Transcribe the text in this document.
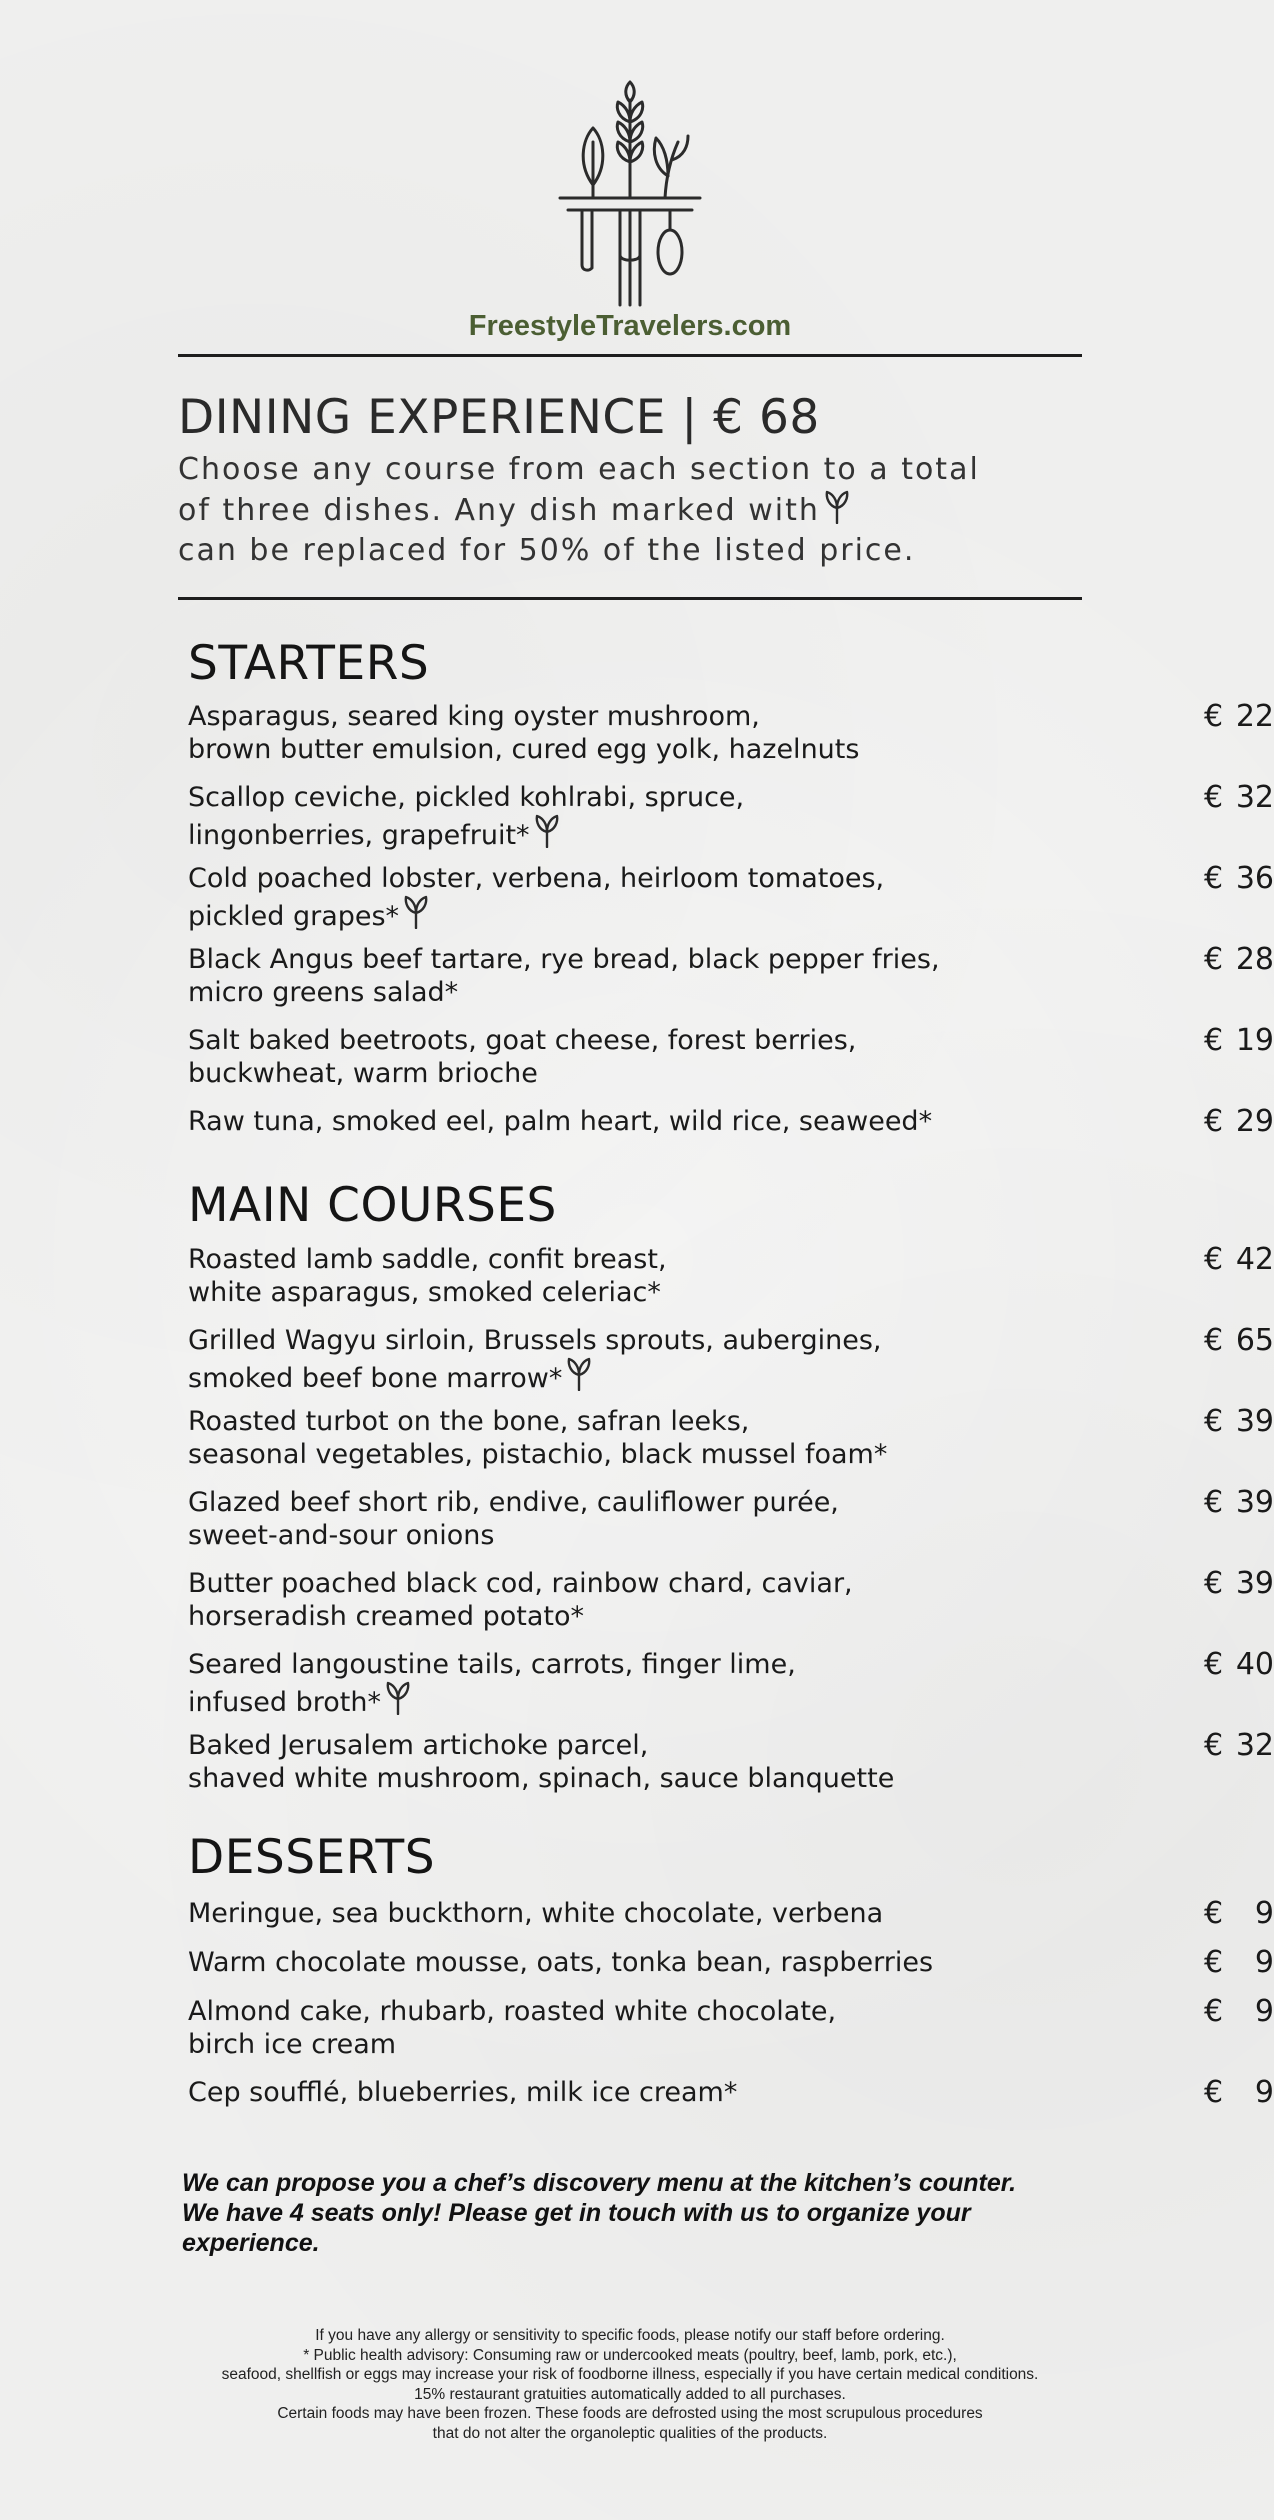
FreestyleTravelers.com
DINING EXPERIENCE | € 68
Choose any course from each section to a total
of three dishes. Any dish marked with
can be replaced for 50% of the listed price.
STARTERS
Asparagus, seared king oyster mushroom,
brown butter emulsion, cured egg yolk, hazelnuts
€ 22
Scallop ceviche, pickled kohlrabi, spruce,
lingonberries, grapefruit*
€ 32
Cold poached lobster, verbena, heirloom tomatoes,
pickled grapes*
€ 36
Black Angus beef tartare, rye bread, black pepper fries,
micro greens salad*
€ 28
Salt baked beetroots, goat cheese, forest berries,
buckwheat, warm brioche
€ 19
Raw tuna, smoked eel, palm heart, wild rice, seaweed*	€ 29
MAIN COURSES
Roasted lamb saddle, confit breast,
white asparagus, smoked celeriac*
€ 42
Grilled Wagyu sirloin, Brussels sprouts, aubergines,
smoked beef bone marrow*
€ 65
Roasted turbot on the bone, safran leeks,
seasonal vegetables, pistachio, black mussel foam*
€ 39
Glazed beef short rib, endive, cauliflower purée,
sweet-and-sour onions
€ 39
Butter poached black cod, rainbow chard, caviar,
horseradish creamed potato*
€ 39
Seared langoustine tails, carrots, finger lime,
infused broth*
€ 40
Baked Jerusalem artichoke parcel,
shaved white mushroom, spinach, sauce blanquette
€ 32
DESSERTS
Meringue, sea buckthorn, white chocolate, verbena	€ 9
Warm chocolate mousse, oats, tonka bean, raspberries	€ 9
Almond cake, rhubarb, roasted white chocolate,
birch ice cream
€ 9
Cep soufflé, blueberries, milk ice cream*	€ 9
We can propose you a chef’s discovery menu at the kitchen’s counter.
We have 4 seats only! Please get in touch with us to organize your
experience.
If you have any allergy or sensitivity to specific foods, please notify our staff before ordering.
* Public health advisory: Consuming raw or undercooked meats (poultry, beef, lamb, pork, etc.),
seafood, shellfish or eggs may increase your risk of foodborne illness, especially if you have certain medical conditions.
15% restaurant gratuities automatically added to all purchases.
Certain foods may have been frozen. These foods are defrosted using the most scrupulous procedures
that do not alter the organoleptic qualities of the products.
